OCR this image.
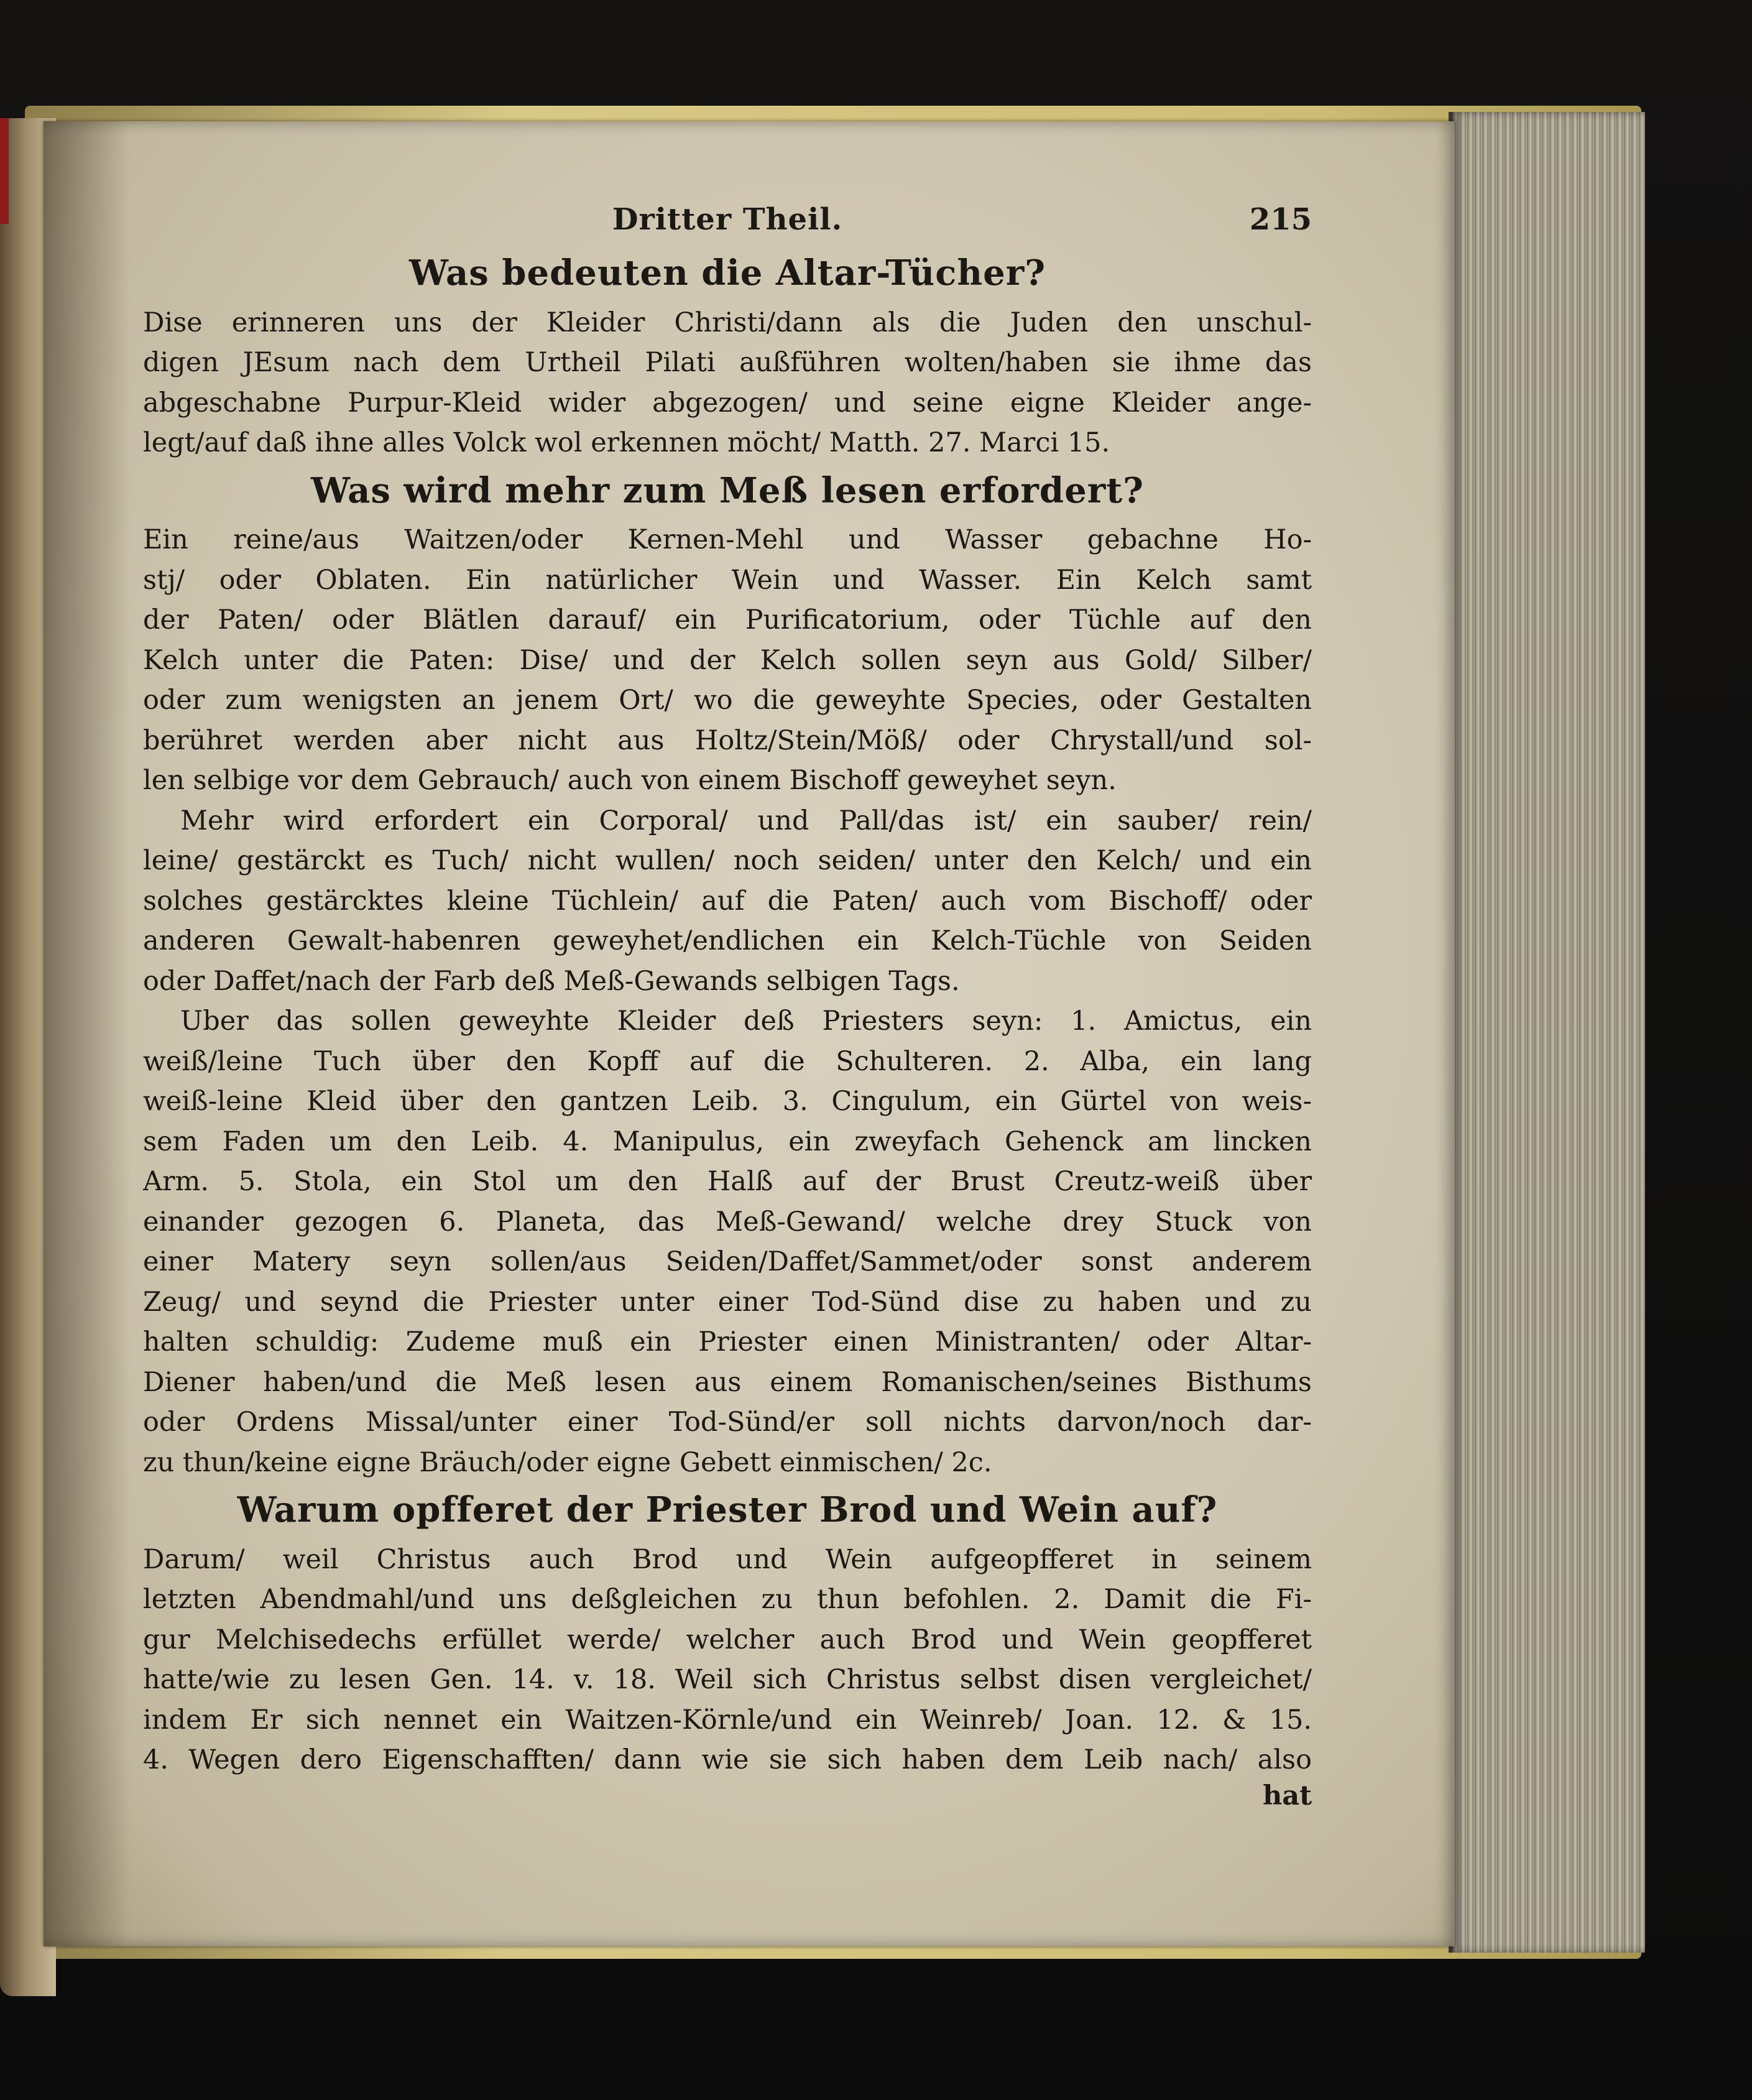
Dritter Theil.	215
Was bedeuten die Altar-Tücher?
Dise erinneren uns der Kleider Christi/dann als die Juden den unschul-
digen JEsum nach dem Urtheil Pilati außführen wolten/haben sie ihme das
abgeschabne Purpur-Kleid wider abgezogen/ und seine eigne Kleider ange-
legt/auf daß ihne alles Volck wol erkennen möcht/ Matth. 27. Marci 15.
Was wird mehr zum Meß lesen erfordert?
Ein reine/aus Waitzen/oder Kernen-Mehl und Wasser gebachne Ho-
stj/ oder Oblaten. Ein natürlicher Wein und Wasser. Ein Kelch samt
der Paten/ oder Blätlen darauf/ ein Purificatorium, oder Tüchle auf den
Kelch unter die Paten: Dise/ und der Kelch sollen seyn aus Gold/ Silber/
oder zum wenigsten an jenem Ort/ wo die geweyhte Species, oder Gestalten
berühret werden aber nicht aus Holtz/Stein/Möß/ oder Chrystall/und sol-
len selbige vor dem Gebrauch/ auch von einem Bischoff geweyhet seyn.
Mehr wird erfordert ein Corporal/ und Pall/das ist/ ein sauber/ rein/
leine/ gestärckt es Tuch/ nicht wullen/ noch seiden/ unter den Kelch/ und ein
solches gestärcktes kleine Tüchlein/ auf die Paten/ auch vom Bischoff/ oder
anderen Gewalt-habenren geweyhet/endlichen ein Kelch-Tüchle von Seiden
oder Daffet/nach der Farb deß Meß-Gewands selbigen Tags.
Uber das sollen geweyhte Kleider deß Priesters seyn: 1. Amictus, ein
weiß/leine Tuch über den Kopff auf die Schulteren. 2. Alba, ein lang
weiß-leine Kleid über den gantzen Leib. 3. Cingulum, ein Gürtel von weis-
sem Faden um den Leib. 4. Manipulus, ein zweyfach Gehenck am lincken
Arm. 5. Stola, ein Stol um den Halß auf der Brust Creutz-weiß über
einander gezogen 6. Planeta, das Meß-Gewand/ welche drey Stuck von
einer Matery seyn sollen/aus Seiden/Daffet/Sammet/oder sonst anderem
Zeug/ und seynd die Priester unter einer Tod-Sünd dise zu haben und zu
halten schuldig: Zudeme muß ein Priester einen Ministranten/ oder Altar-
Diener haben/und die Meß lesen aus einem Romanischen/seines Bisthums
oder Ordens Missal/unter einer Tod-Sünd/er soll nichts darvon/noch dar-
zu thun/keine eigne Bräuch/oder eigne Gebett einmischen/ 2c.
Warum opfferet der Priester Brod und Wein auf?
Darum/ weil Christus auch Brod und Wein aufgeopfferet in seinem
letzten Abendmahl/und uns deßgleichen zu thun befohlen. 2. Damit die Fi-
gur Melchisedechs erfüllet werde/ welcher auch Brod und Wein geopfferet
hatte/wie zu lesen Gen. 14. v. 18. Weil sich Christus selbst disen vergleichet/
indem Er sich nennet ein Waitzen-Körnle/und ein Weinreb/ Joan. 12. & 15.
4. Wegen dero Eigenschafften/ dann wie sie sich haben dem Leib nach/ also
hat
